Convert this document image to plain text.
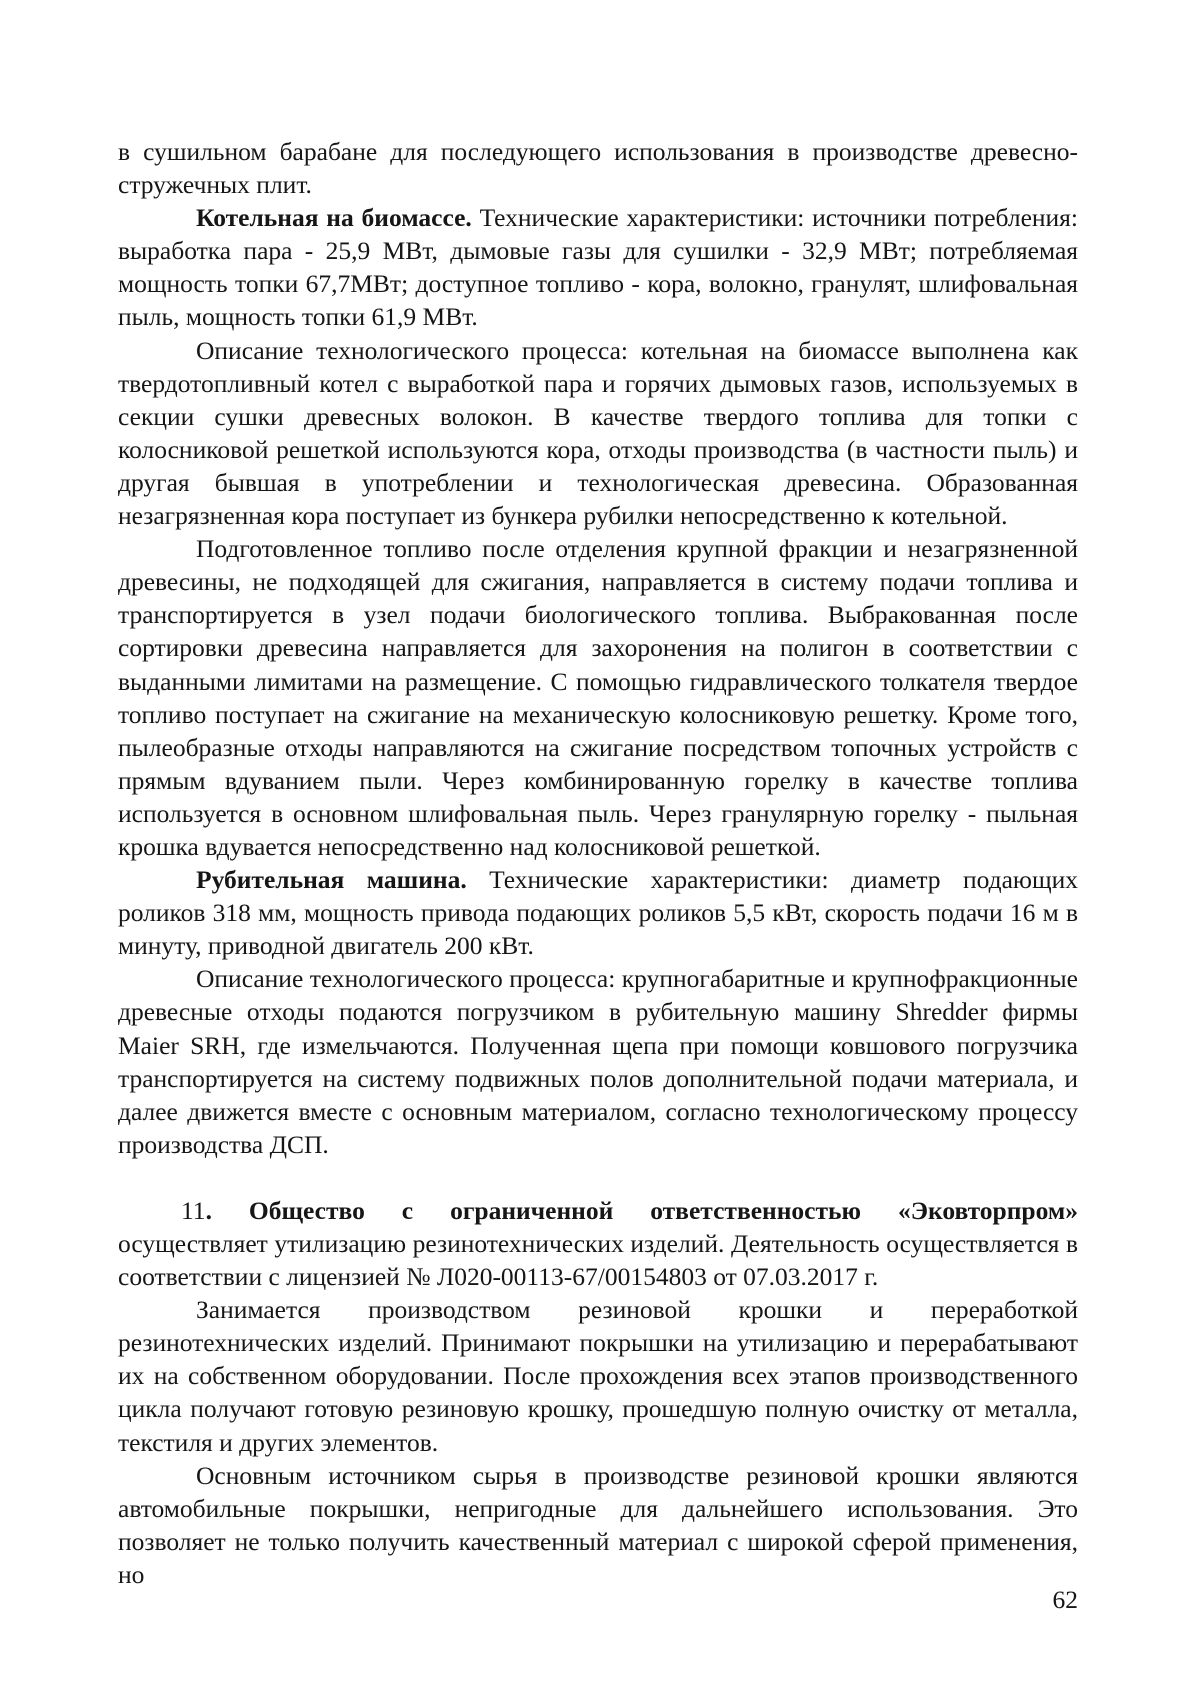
в сушильном барабане для последующего использования в производстве древесно-стружечных плит.

Котельная на биомассе. Технические характеристики: источники потребления: выработка пара - 25,9 МВт, дымовые газы для сушилки - 32,9 МВт; потребляемая мощность топки 67,7МВт; доступное топливо - кора, волокно, гранулят, шлифовальная пыль, мощность топки 61,9 МВт.

Описание технологического процесса: котельная на биомассе выполнена как твердотопливный котел с выработкой пара и горячих дымовых газов, используемых в секции сушки древесных волокон. В качестве твердого топлива для топки с колосниковой решеткой используются кора, отходы производства (в частности пыль) и другая бывшая в употреблении и технологическая древесина. Образованная незагрязненная кора поступает из бункера рубилки непосредственно к котельной.

Подготовленное топливо после отделения крупной фракции и незагрязненной древесины, не подходящей для сжигания, направляется в систему подачи топлива и транспортируется в узел подачи биологического топлива. Выбракованная после сортировки древесина направляется для захоронения на полигон в соответствии с выданными лимитами на размещение. С помощью гидравлического толкателя твердое топливо поступает на сжигание на механическую колосниковую решетку. Кроме того, пылеобразные отходы направляются на сжигание посредством топочных устройств с прямым вдуванием пыли. Через комбинированную горелку в качестве топлива используется в основном шлифовальная пыль. Через гранулярную горелку - пыльная крошка вдувается непосредственно над колосниковой решеткой.

Рубительная машина. Технические характеристики: диаметр подающих роликов 318 мм, мощность привода подающих роликов 5,5 кВт, скорость подачи 16 м в минуту, приводной двигатель 200 кВт.

Описание технологического процесса: крупногабаритные и крупнофракционные древесные отходы подаются погрузчиком в рубительную машину Shredder фирмы Maier SRH, где измельчаются. Полученная щепа при помощи ковшового погрузчика транспортируется на систему подвижных полов дополнительной подачи материала, и далее движется вместе с основным материалом, согласно технологическому процессу производства ДСП.

11. Общество с ограниченной ответственностью «Эковторпром» осуществляет утилизацию резинотехнических изделий. Деятельность осуществляется в соответствии с лицензией № Л020-00113-67/00154803 от 07.03.2017 г.

Занимается производством резиновой крошки и переработкой резинотехнических изделий. Принимают покрышки на утилизацию и перерабатывают их на собственном оборудовании. После прохождения всех этапов производственного цикла получают готовую резиновую крошку, прошедшую полную очистку от металла, текстиля и других элементов.

Основным источником сырья в производстве резиновой крошки являются автомобильные покрышки, непригодные для дальнейшего использования. Это позволяет не только получить качественный материал с широкой сферой применения, но

62
